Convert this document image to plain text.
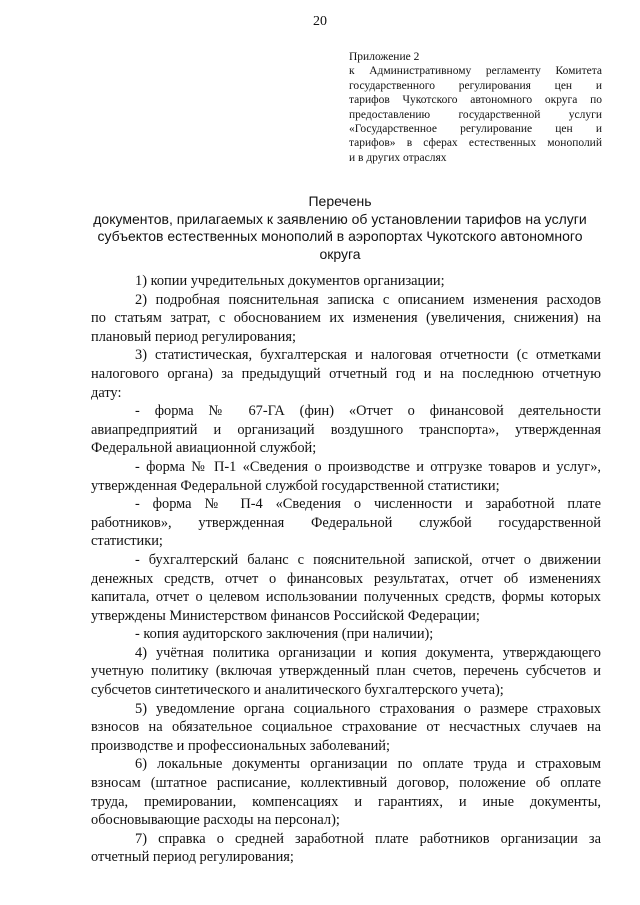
20
Приложение 2
к Административному регламенту Комитета
государственного регулирования цен и
тарифов Чукотского автономного округа по
предоставлению государственной услуги
«Государственное регулирование цен и
тарифов» в сферах естественных монополий
и в других отраслях
Перечень
документов, прилагаемых к заявлению об установлении тарифов на услуги
субъектов естественных монополий в аэропортах Чукотского автономного
округа
1) копии учредительных документов организации;
2) подробная пояснительная записка с описанием изменения расходов
по статьям затрат, с обоснованием их изменения (увеличения, снижения) на
плановый период регулирования;
3) статистическая, бухгалтерская и налоговая отчетности (с отметками
налогового органа) за предыдущий отчетный год и на последнюю отчетную
дату:
- форма № 67-ГА (фин) «Отчет о финансовой деятельности
авиапредприятий и организаций воздушного транспорта», утвержденная
Федеральной авиационной службой;
- форма № П-1 «Сведения о производстве и отгрузке товаров и услуг»,
утвержденная Федеральной службой государственной статистики;
- форма № П-4 «Сведения о численности и заработной плате
работников», утвержденная Федеральной службой государственной
статистики;
- бухгалтерский баланс с пояснительной запиской, отчет о движении
денежных средств, отчет о финансовых результатах, отчет об изменениях
капитала, отчет о целевом использовании полученных средств, формы которых
утверждены Министерством финансов Российской Федерации;
- копия аудиторского заключения (при наличии);
4) учётная политика организации и копия документа, утверждающего
учетную политику (включая утвержденный план счетов, перечень субсчетов и
субсчетов синтетического и аналитического бухгалтерского учета);
5) уведомление органа социального страхования о размере страховых
взносов на обязательное социальное страхование от несчастных случаев на
производстве и профессиональных заболеваний;
6) локальные документы организации по оплате труда и страховым
взносам (штатное расписание, коллективный договор, положение об оплате
труда, премировании, компенсациях и гарантиях, и иные документы,
обосновывающие расходы на персонал);
7) справка о средней заработной плате работников организации за
отчетный период регулирования;
